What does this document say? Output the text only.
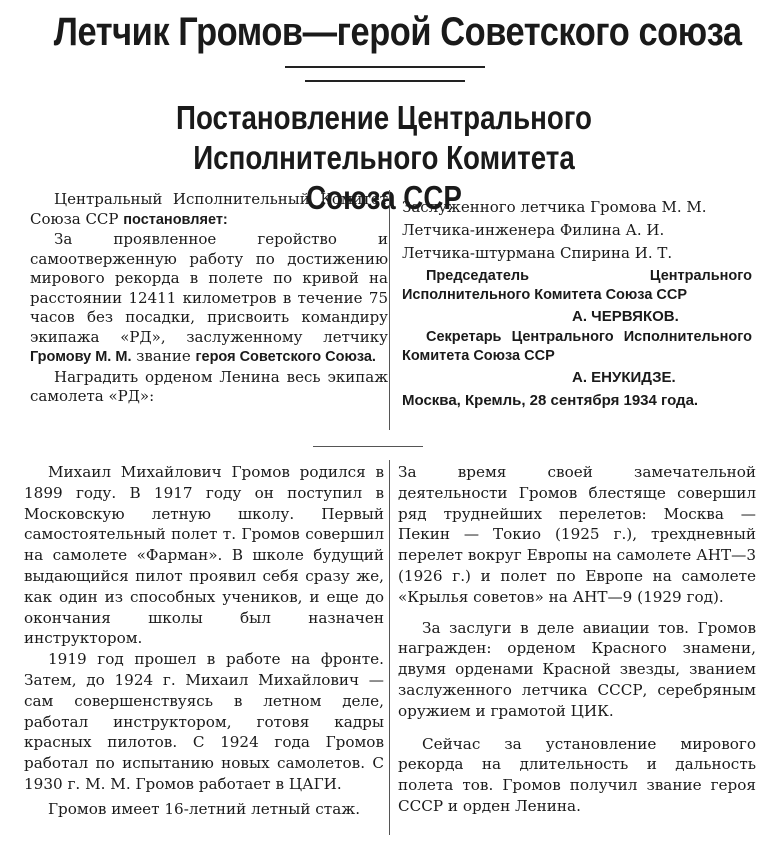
Летчик Громов—герой Советского союза
Постановление Центрального Исполнительного Комитета
Союза ССР

Центральный Исполнительный Комитет Союза ССР постановляет:

За проявленное геройство и самоотверженную работу по достижению мирового рекорда в полете по кривой на расстоянии 12411 километров в течение 75 часов без посадки, присвоить командиру экипажа «РД», заслуженному летчику Громову М. М. звание героя Советского Союза.

Наградить орденом Ленина весь экипаж самолета «РД»:

Заслуженного летчика Громова М. М.

Летчика-инженера Филина А. И.

Летчика-штурмана Спирина И. Т.

Председатель Центрального Исполнительного Комитета Союза ССР

А. ЧЕРВЯКОВ.

Секретарь Центрального Исполнительного Комитета Союза ССР

А. ЕНУКИДЗЕ.

Москва, Кремль, 28 сентября 1934 года.

Михаил Михайлович Громов родился в 1899 году. В 1917 году он поступил в Московскую летную школу. Первый самостоятельный полет т. Громов совершил на самолете «Фарман». В школе будущий выдающийся пилот проявил себя сразу же, как один из способных учеников, и еще до окончания школы был назначен инструктором.

1919 год прошел в работе на фронте. Затем, до 1924 г. Михаил Михайлович — сам совершенствуясь в летном деле, работал инструктором, готовя кадры красных пилотов. С 1924 года Громов работал по испытанию новых самолетов. С 1930 г. М. М. Громов работает в ЦАГИ.

Громов имеет 16-летний летный стаж.

За время своей замечательной деятельности Громов блестяще совершил ряд труднейших перелетов: Москва — Пекин — Токио (1925 г.), трехдневный перелет вокруг Европы на самолете АНТ—3 (1926 г.) и полет по Европе на самолете «Крылья советов» на АНТ—9 (1929 год).

За заслуги в деле авиации тов. Громов награжден: орденом Красного знамени, двумя орденами Красной звезды, званием заслуженного летчика СССР, серебряным оружием и грамотой ЦИК.

Сейчас за установление мирового рекорда на длительность и дальность полета тов. Громов получил звание героя СССР и орден Ленина.
